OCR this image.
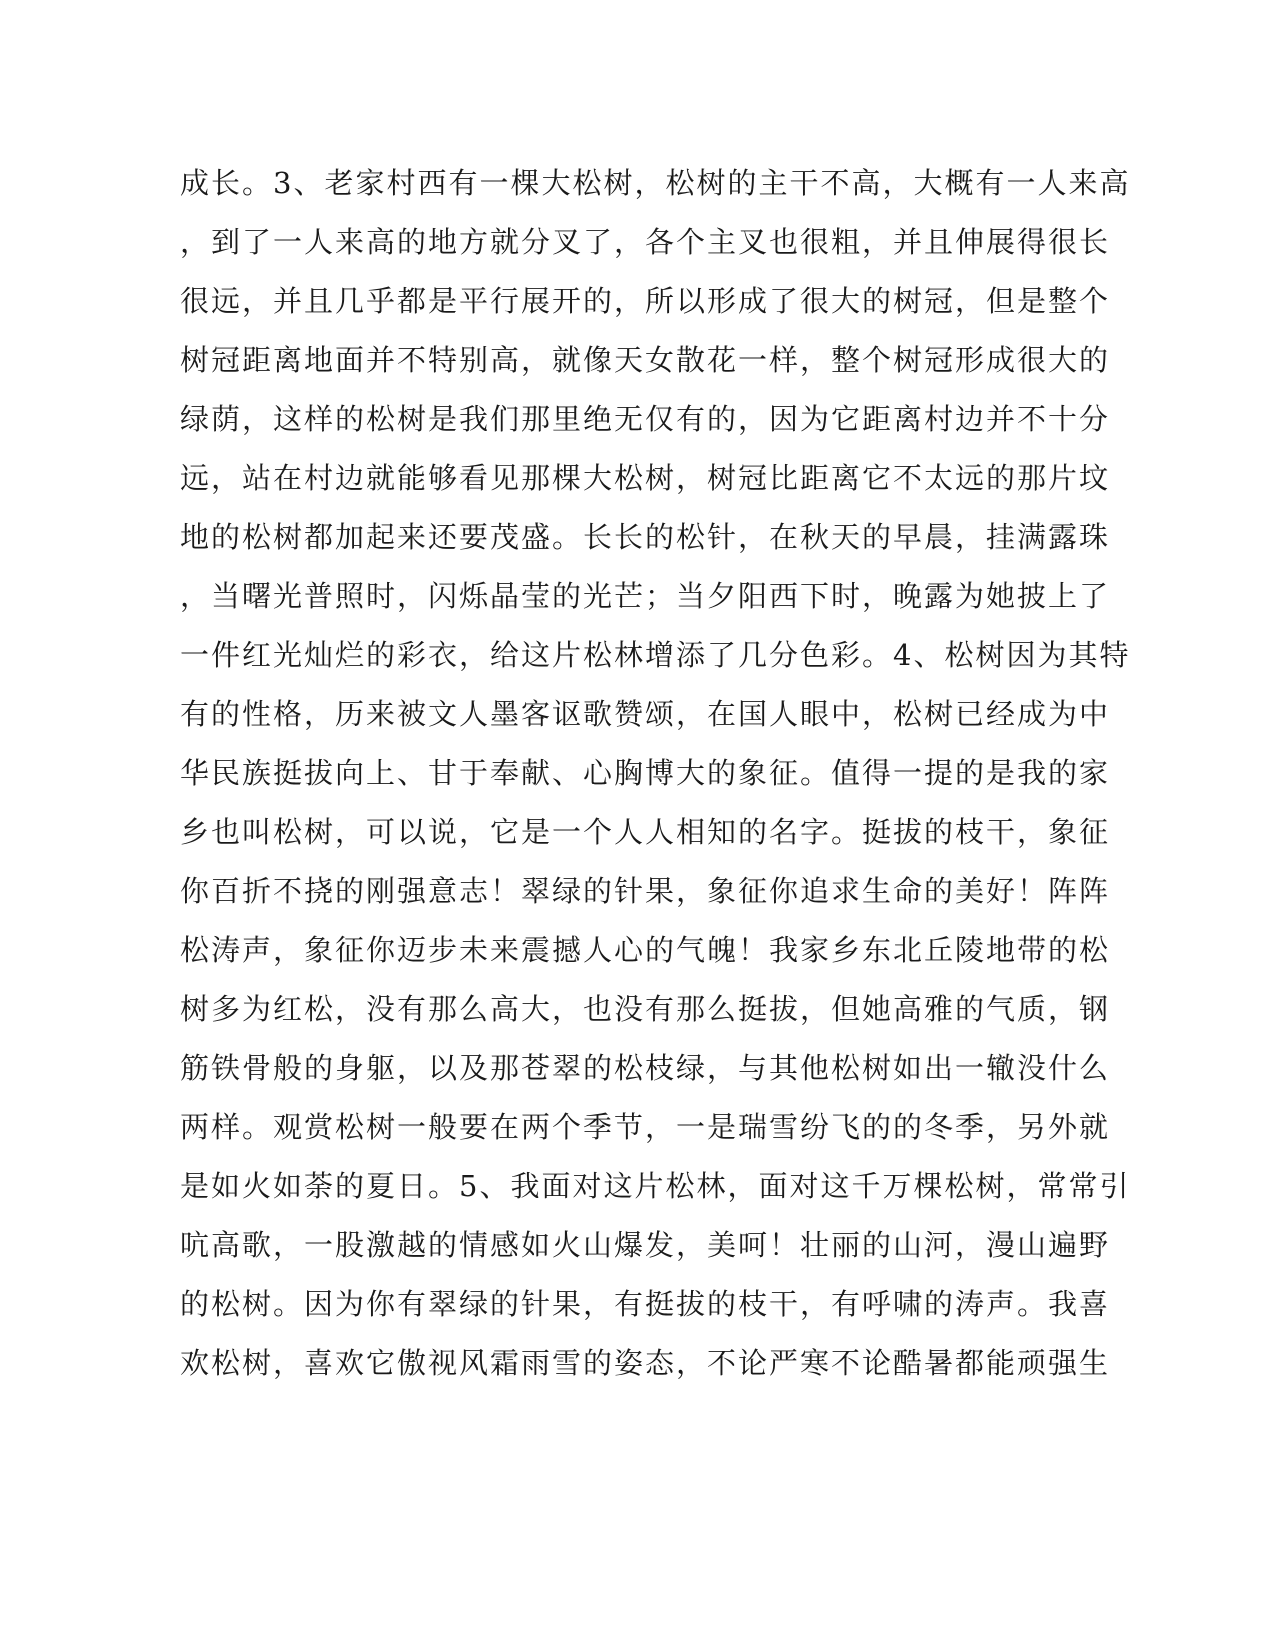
成长。3、老家村西有一棵大松树，松树的主干不高，大概有一人来高
，到了一人来高的地方就分叉了，各个主叉也很粗，并且伸展得很长
很远，并且几乎都是平行展开的，所以形成了很大的树冠，但是整个
树冠距离地面并不特别高，就像天女散花一样，整个树冠形成很大的
绿荫，这样的松树是我们那里绝无仅有的，因为它距离村边并不十分
远，站在村边就能够看见那棵大松树，树冠比距离它不太远的那片坟
地的松树都加起来还要茂盛。长长的松针，在秋天的早晨，挂满露珠
，当曙光普照时，闪烁晶莹的光芒；当夕阳西下时，晚露为她披上了
一件红光灿烂的彩衣，给这片松林增添了几分色彩。4、松树因为其特
有的性格，历来被文人墨客讴歌赞颂，在国人眼中，松树已经成为中
华民族挺拔向上、甘于奉献、心胸博大的象征。值得一提的是我的家
乡也叫松树，可以说，它是一个人人相知的名字。挺拔的枝干，象征
你百折不挠的刚强意志！翠绿的针果，象征你追求生命的美好！阵阵
松涛声，象征你迈步未来震撼人心的气魄！我家乡东北丘陵地带的松
树多为红松，没有那么高大，也没有那么挺拔，但她高雅的气质，钢
筋铁骨般的身躯，以及那苍翠的松枝绿，与其他松树如出一辙没什么
两样。观赏松树一般要在两个季节，一是瑞雪纷飞的的冬季，另外就
是如火如荼的夏日。5、我面对这片松林，面对这千万棵松树，常常引
吭高歌，一股激越的情感如火山爆发，美呵！壮丽的山河，漫山遍野
的松树。因为你有翠绿的针果，有挺拔的枝干，有呼啸的涛声。我喜
欢松树，喜欢它傲视风霜雨雪的姿态，不论严寒不论酷暑都能顽强生
